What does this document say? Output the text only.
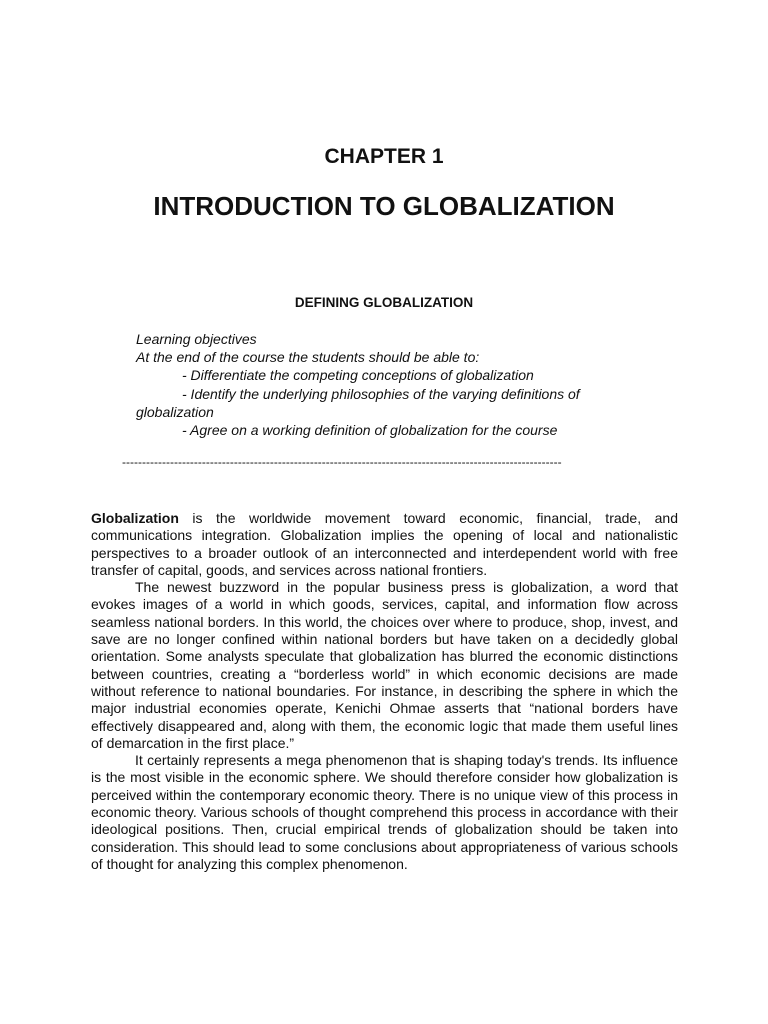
CHAPTER 1
INTRODUCTION TO GLOBALIZATION
DEFINING GLOBALIZATION
Learning objectives
At the end of the course the students should be able to:
- Differentiate the competing conceptions of globalization
- Identify the underlying philosophies of the varying definitions of
globalization
- Agree on a working definition of globalization for the course
--------------------------------------------------------------------------------------------------------------

Globalization is the worldwide movement toward economic, financial, trade, and communications integration. Globalization implies the opening of local and nationalistic perspectives to a broader outlook of an interconnected and interdependent world with free transfer of capital, goods, and services across national frontiers.

The newest buzzword in the popular business press is globalization, a word that evokes images of a world in which goods, services, capital, and information flow across seamless national borders. In this world, the choices over where to produce, shop, invest, and save are no longer confined within national borders but have taken on a decidedly global orientation. Some analysts speculate that globalization has blurred the economic distinctions between countries, creating a “borderless world” in which economic decisions are made without reference to national boundaries. For instance, in describing the sphere in which the major industrial economies operate, Kenichi Ohmae asserts that “national borders have effectively disappeared and, along with them, the economic logic that made them useful lines of demarcation in the first place.”

It certainly represents a mega phenomenon that is shaping today's trends. Its influence is the most visible in the economic sphere. We should therefore consider how globalization is perceived within the contemporary economic theory. There is no unique view of this process in economic theory. Various schools of thought comprehend this process in accordance with their ideological positions. Then, crucial empirical trends of globalization should be taken into consideration. This should lead to some conclusions about appropriateness of various schools of thought for analyzing this complex phenomenon.
